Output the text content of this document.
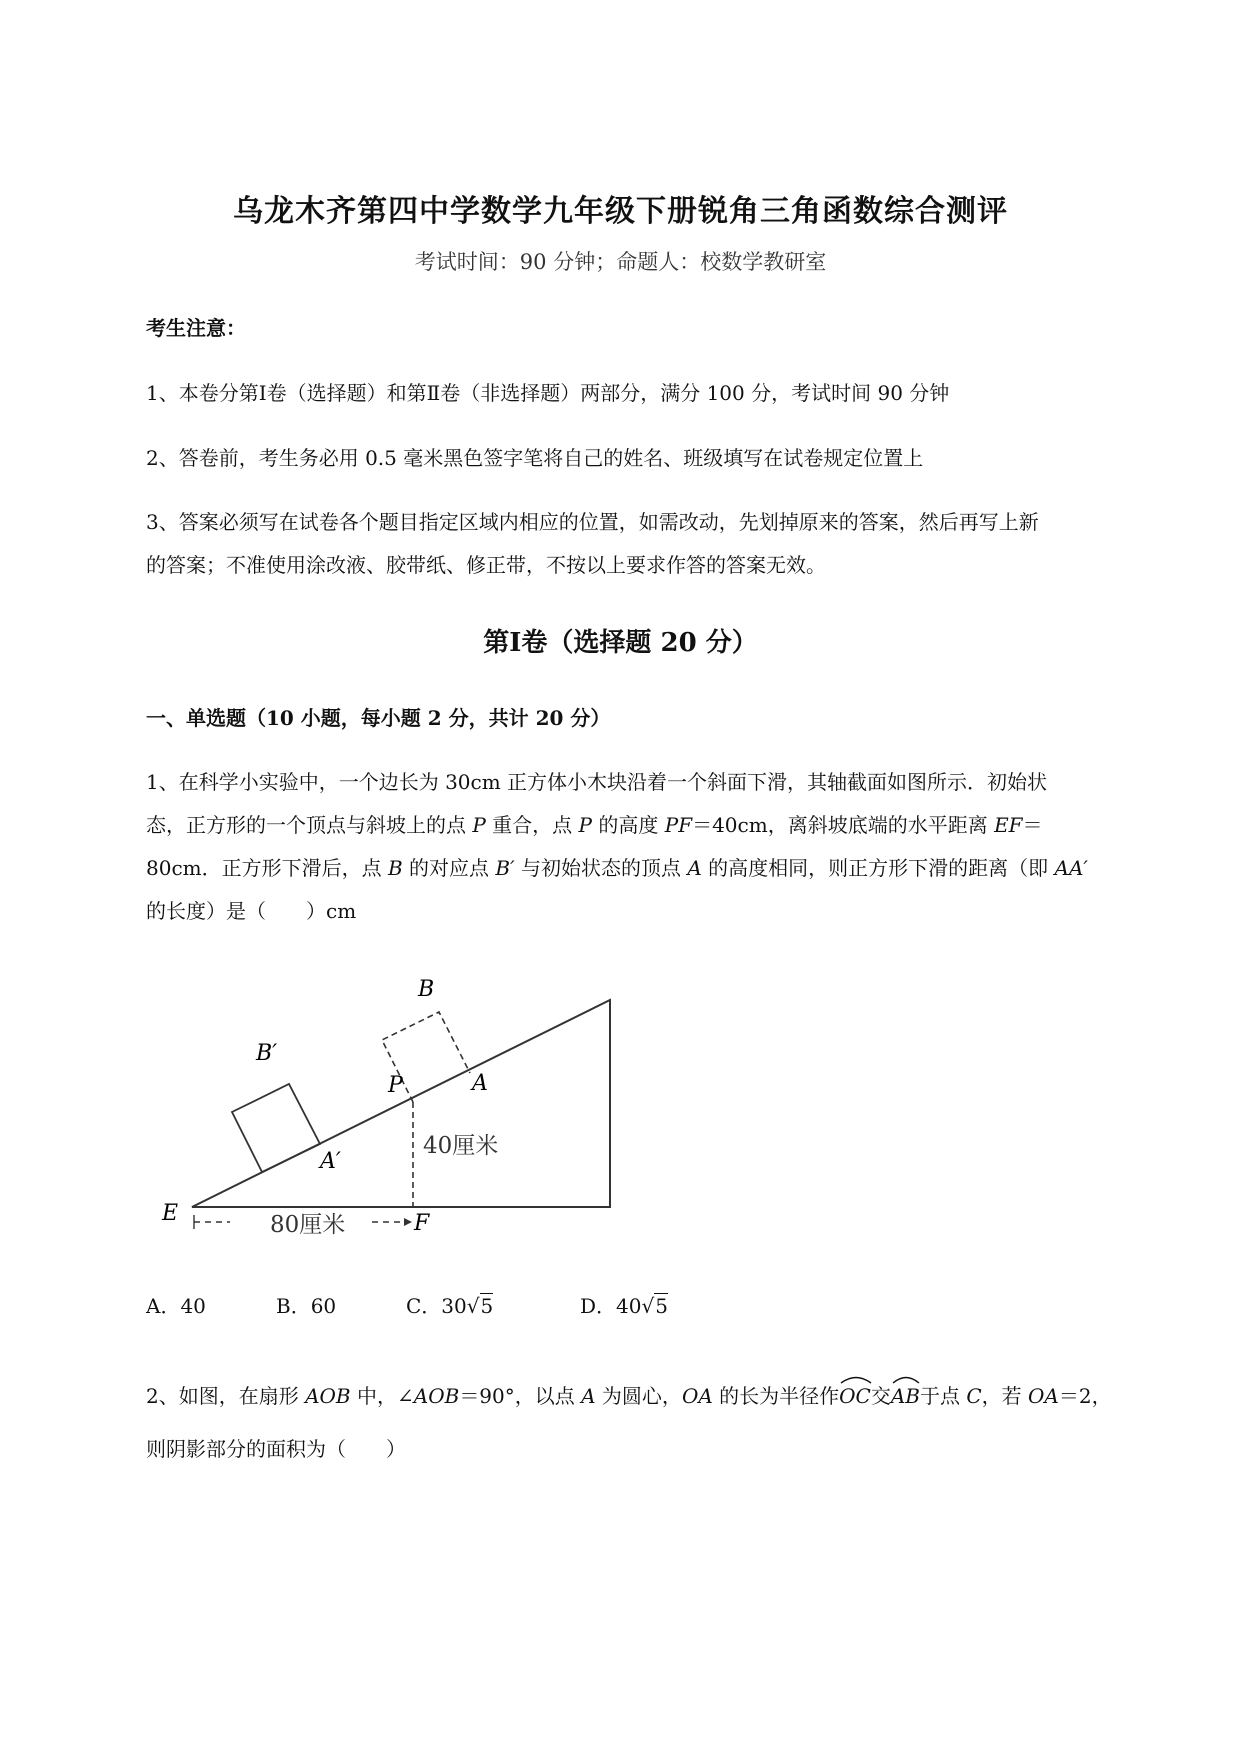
乌龙木齐第四中学数学九年级下册锐角三角函数综合测评
考试时间：90 分钟；命题人：校数学教研室
考生注意：
1、本卷分第Ⅰ卷（选择题）和第Ⅱ卷（非选择题）两部分，满分 100 分，考试时间 90 分钟
2、答卷前，考生务必用 0.5 毫米黑色签字笔将自己的姓名、班级填写在试卷规定位置上
3、答案必须写在试卷各个题目指定区域内相应的位置，如需改动，先划掉原来的答案，然后再写上新
的答案；不准使用涂改液、胶带纸、修正带，不按以上要求作答的答案无效。
第Ⅰ卷（选择题 20 分）
一、单选题（10 小题，每小题 2 分，共计 20 分）
1、在科学小实验中，一个边长为 30cm 正方体小木块沿着一个斜面下滑，其轴截面如图所示．初始状
态，正方形的一个顶点与斜坡上的点 P 重合，点 P 的高度 PF＝40cm，离斜坡底端的水平距离 EF＝
80cm．正方形下滑后，点 B 的对应点 B′ 与初始状态的顶点 A 的高度相同，则正方形下滑的距离（即 AA′
的长度）是（　　）cm
B
B′
P	A
A′
E	F
40厘米
80厘米
A．40	B．60	C．30√5	D．40√5
2、如图，在扇形 AOB 中，∠AOB＝90°，以点 A 为圆心，OA 的长为半径作
OC交
AB于点 C，若 OA＝2，
则阴影部分的面积为（　　）
